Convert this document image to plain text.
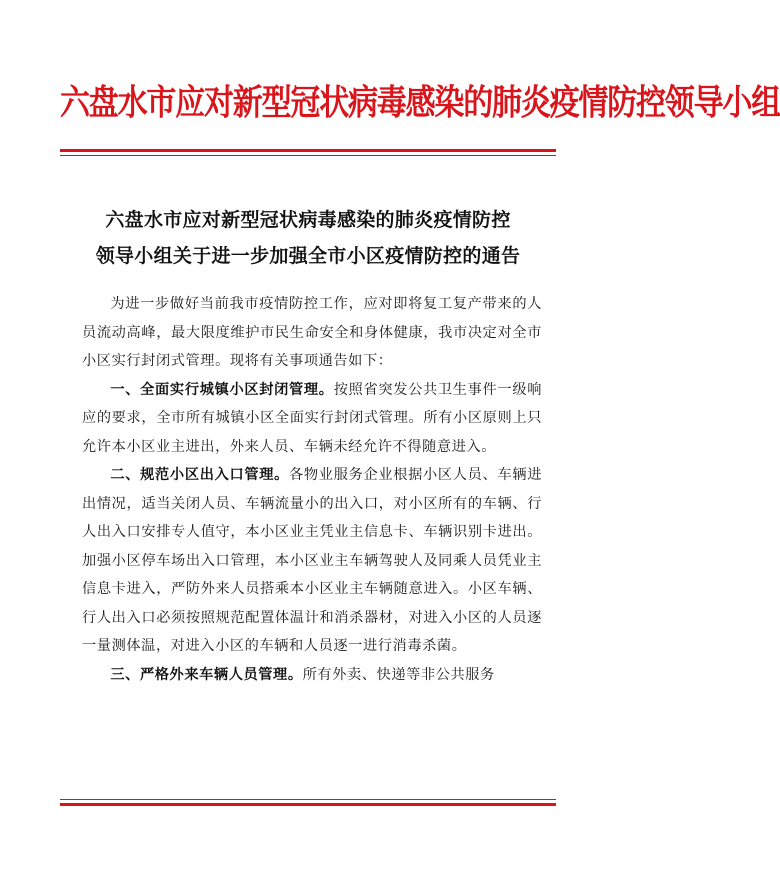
六盘水市应对新型冠状病毒感染的肺炎疫情防控领导小组
六盘水市应对新型冠状病毒感染的肺炎疫情防控
领导小组关于进一步加强全市小区疫情防控的通告

为进一步做好当前我市疫情防控工作，应对即将复工复产带来的人员流动高峰，最大限度维护市民生命安全和身体健康，我市决定对全市小区实行封闭式管理。现将有关事项通告如下：

一、全面实行城镇小区封闭管理。按照省突发公共卫生事件一级响应的要求，全市所有城镇小区全面实行封闭式管理。所有小区原则上只允许本小区业主进出，外来人员、车辆未经允许不得随意进入。

二、规范小区出入口管理。各物业服务企业根据小区人员、车辆进出情况，适当关闭人员、车辆流量小的出入口，对小区所有的车辆、行人出入口安排专人值守，本小区业主凭业主信息卡、车辆识别卡进出。加强小区停车场出入口管理，本小区业主车辆驾驶人及同乘人员凭业主信息卡进入，严防外来人员搭乘本小区业主车辆随意进入。小区车辆、行人出入口必须按照规范配置体温计和消杀器材，对进入小区的人员逐一量测体温，对进入小区的车辆和人员逐一进行消毒杀菌。

三、严格外来车辆人员管理。所有外卖、快递等非公共服务
